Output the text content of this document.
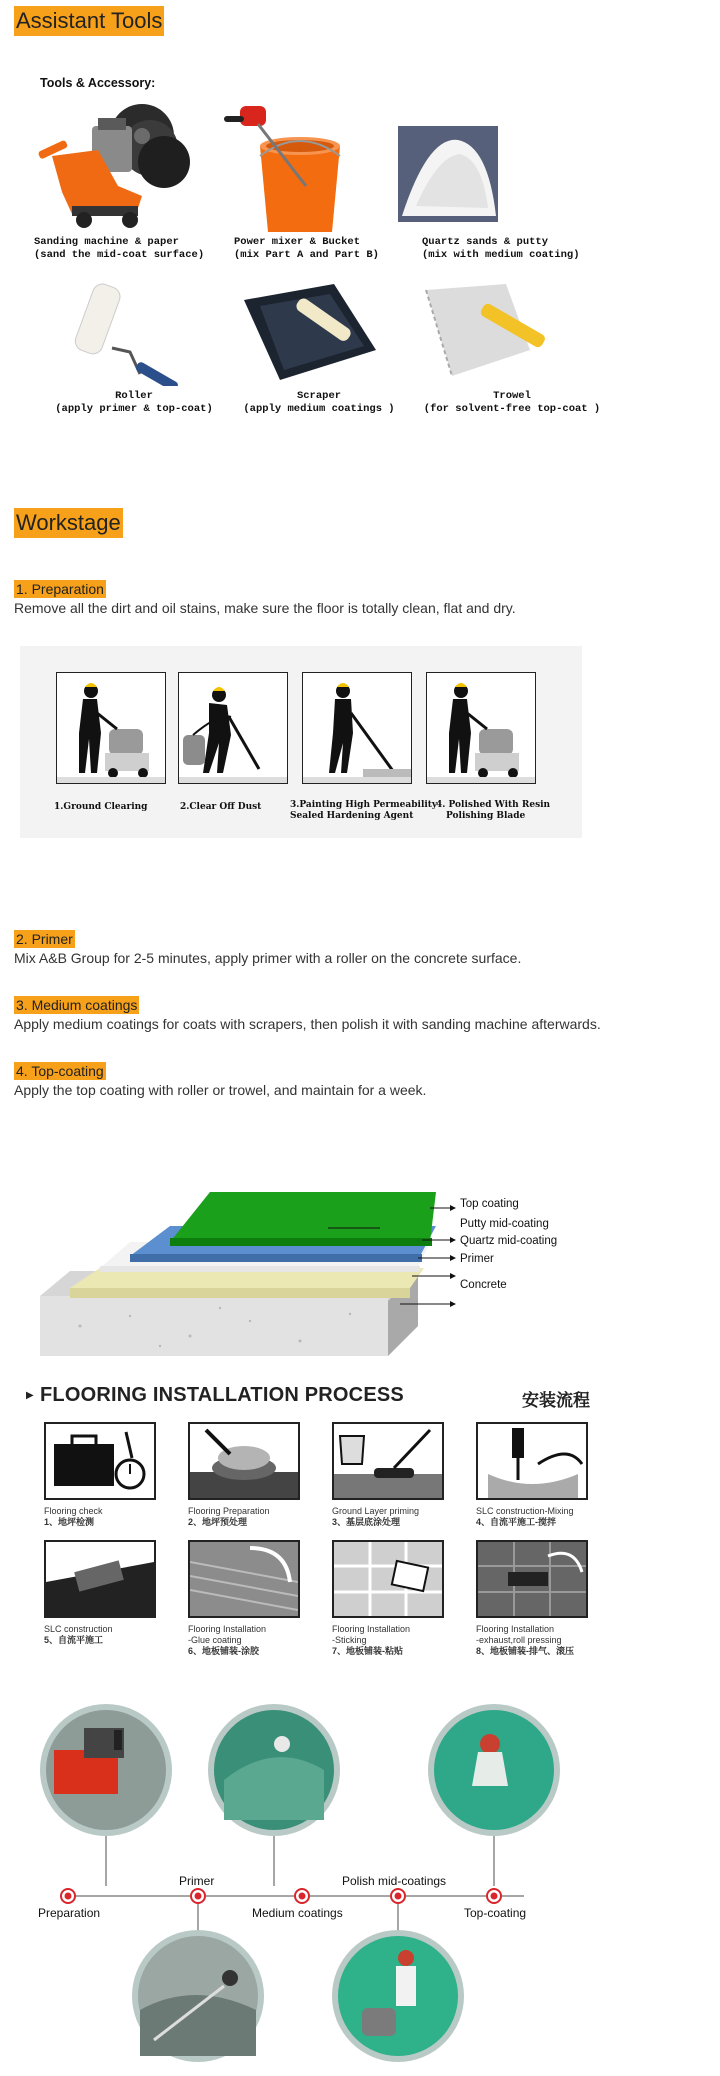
Assistant Tools
Tools & Accessory:
Sanding machine & paper
(sand the mid-coat surface)
Power mixer & Bucket
(mix Part A and Part B)
Quartz sands & putty
(mix with medium coating)
Roller
(apply primer & top-coat)
Scraper
(apply medium coatings )
Trowel
(for solvent-free top-coat )
Workstage
1. Preparation
Remove all the dirt and oil stains, make sure the floor is totally clean, flat and dry.
1.Ground Clearing	2.Clear Off Dust	3.Painting High Permeability
Sealed Hardening Agent
4. Polished With Resin
Polishing Blade
2. Primer
Mix A&B Group for 2-5 minutes, apply primer with a roller on the concrete surface.
3. Medium coatings
Apply medium coatings for coats with scrapers, then polish it with sanding machine afterwards.
4. Top-coating
Apply the top coating with roller or trowel, and maintain for a week.
Top coating
Putty mid-coating
Quartz mid-coating
Primer
Concrete
▶ FLOORING INSTALLATION PROCESS	安装流程
Flooring check
1、地坪检测
Flooring Preparation
2、地坪预处理
Ground Layer priming
3、基层底涂处理
SLC construction-Mixing
4、自流平施工-搅拌
SLC construction
5、自流平施工
Flooring Installation
-Glue coating
6、地板铺装-涂胶
Flooring Installation
-Sticking
7、地板铺装-粘贴
Flooring Installation
-exhaust,roll pressing
8、地板铺装-排气、滚压
Preparation
Primer
Medium coatings
Polish mid-coatings
Top-coating
